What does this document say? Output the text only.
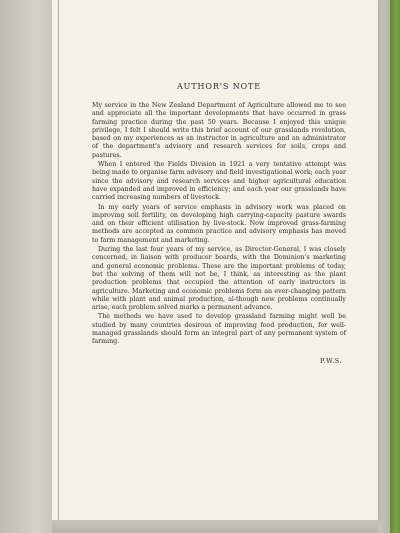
AUTHOR'S NOTE

My service in the New Zealand Department of Agriculture allowed me to see and appreciate all the important developments that have occurred in grass farming practice during the past 50 years. Because I enjoyed this unique privilege, I felt I should write this brief account of our grasslands revolution, based on my experiences as an instructor in agriculture and an administrator of the department's advisory and research services for soils, crops and pastures.

When I entered the Fields Division in 1921 a very tentative attempt was being made to organise farm advisory and field investigational work; each year since the advisory and research services and higher agricultural education have expanded and improved in efficiency; and each year our grasslands have carried increasing numbers of livestock.

In my early years of service emphasis in advisory work was placed on improving soil fertility, on developing high carrying-capacity pasture swards and on their efficient utilisation by live-stock. Now improved grass-farming methods are accepted as common practice and advisory emphasis has moved to farm management and marketing.

During the last four years of my service, as Director-General, I was closely concerned, in liaison with producer boards, with the Dominion's marketing and general economic problems. These are the important problems of today, but the solving of them will not be, I think, as interesting as the plant production problems that occupied the attention of early instructors in agriculture. Marketing and economic problems form an ever-changing pattern while with plant and animal production, al-though new problems continually arise, each problem solved marks a permanent advance.

The methods we have used to develop grassland farming might well be studied by many countries desirous of improving food production, for well-managed grasslands should form an integral part of any permanent system of farming.

P.W.S.
